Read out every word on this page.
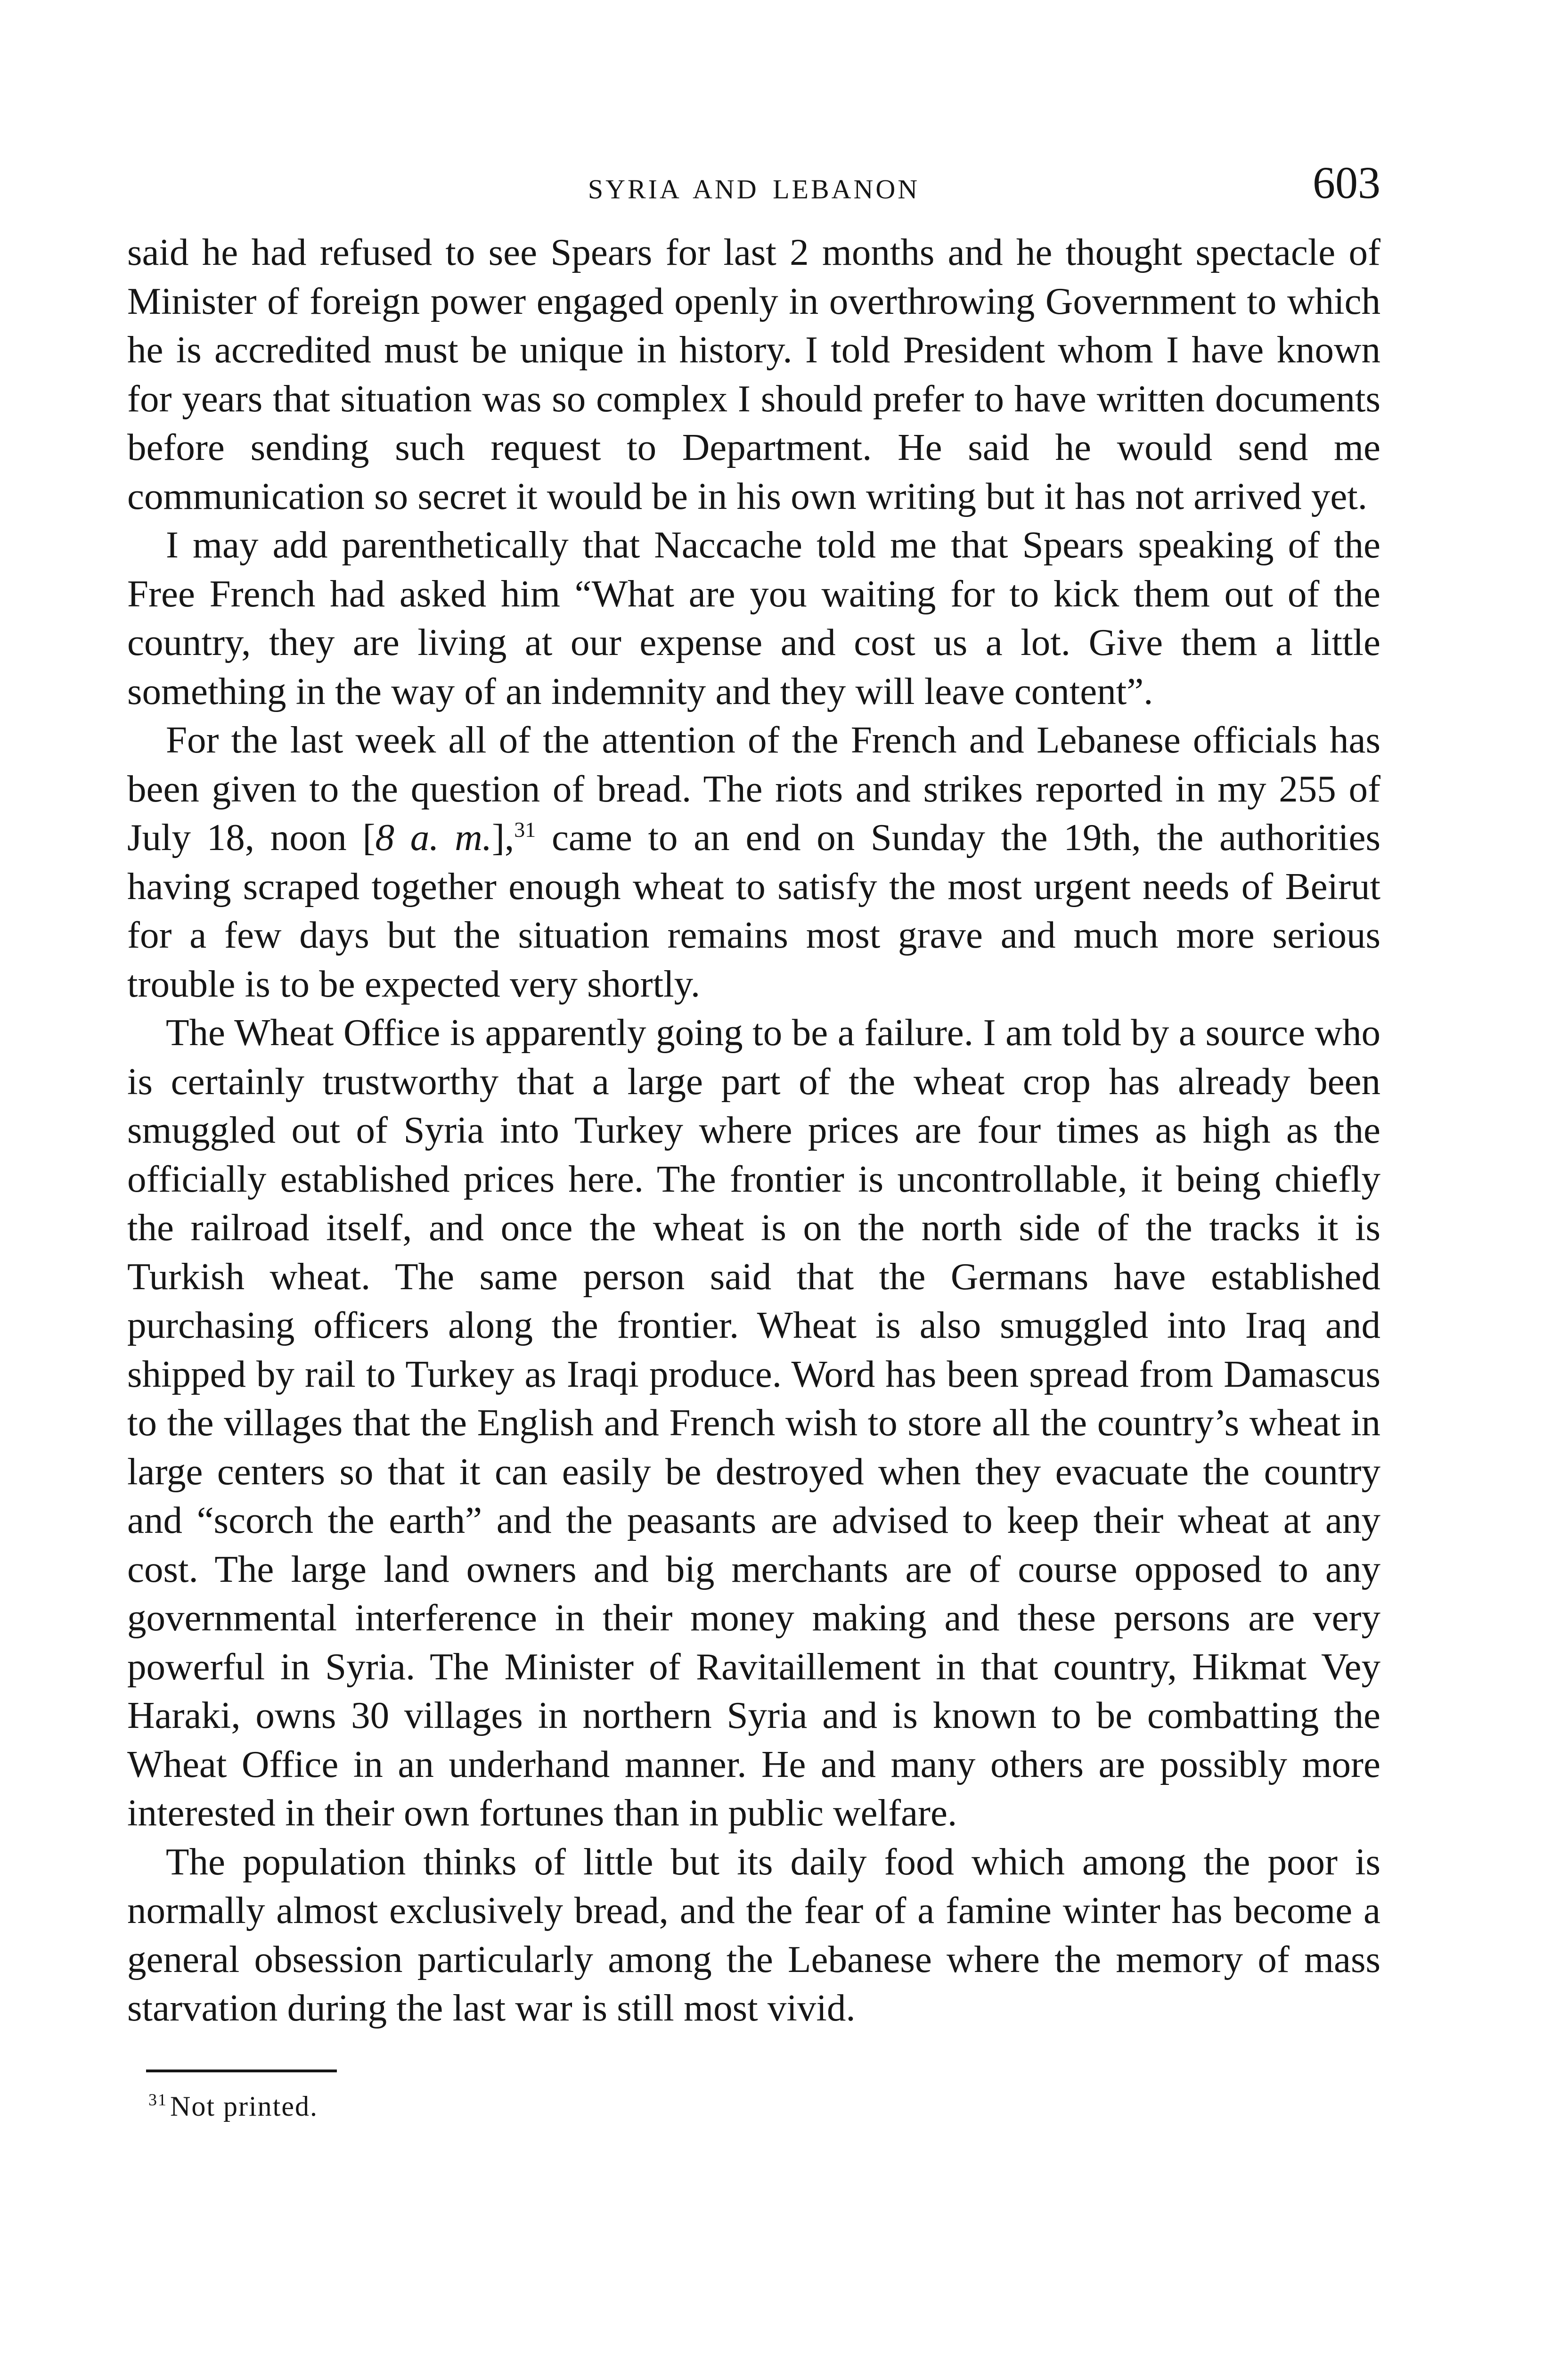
SYRIA AND LEBANON	603

said he had refused to see Spears for last 2 months and he thought spectacle of Minister of foreign power engaged openly in overthrowing Government to which he is accredited must be unique in history. I told President whom I have known for years that situation was so complex I should prefer to have written documents before sending such request to Department. He said he would send me communication so secret it would be in his own writing but it has not arrived yet.

I may add parenthetically that Naccache told me that Spears speaking of the Free French had asked him “What are you waiting for to kick them out of the country, they are living at our expense and cost us a lot. Give them a little something in the way of an indemnity and they will leave content”.

For the last week all of the attention of the French and Lebanese officials has been given to the question of bread. The riots and strikes reported in my 255 of July 18, noon [8 a. m.],$^{31}$ came to an end on Sunday the 19th, the authorities having scraped together enough wheat to satisfy the most urgent needs of Beirut for a few days but the situation remains most grave and much more serious trouble is to be expected very shortly.

The Wheat Office is apparently going to be a failure. I am told by a source who is certainly trustworthy that a large part of the wheat crop has already been smuggled out of Syria into Turkey where prices are four times as high as the officially established prices here. The frontier is uncontrollable, it being chiefly the railroad itself, and once the wheat is on the north side of the tracks it is Turkish wheat. The same person said that the Germans have established purchasing officers along the frontier. Wheat is also smuggled into Iraq and shipped by rail to Turkey as Iraqi produce. Word has been spread from Damascus to the villages that the English and French wish to store all the country’s wheat in large centers so that it can easily be destroyed when they evacuate the country and “scorch the earth” and the peasants are advised to keep their wheat at any cost. The large land owners and big merchants are of course opposed to any governmental interference in their money making and these persons are very powerful in Syria. The Minister of Ravitaillement in that country, Hikmat Vey Haraki, owns 30 villages in northern Syria and is known to be combatting the Wheat Office in an underhand manner. He and many others are possibly more interested in their own fortunes than in public welfare.

The population thinks of little but its daily food which among the poor is normally almost exclusively bread, and the fear of a famine winter has become a general obsession particularly among the Lebanese where the memory of mass starvation during the last war is still most vivid.

$^{31}$ Not printed.
